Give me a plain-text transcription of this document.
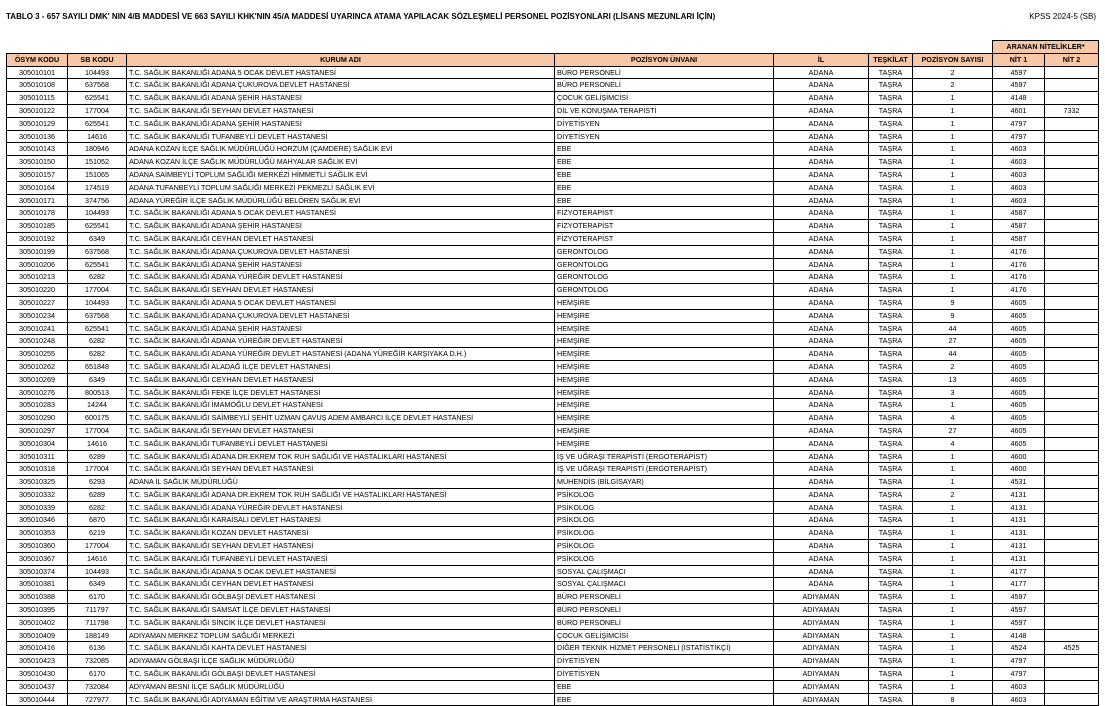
TABLO 3 - 657 SAYILI DMK' NIN 4/B MADDESİ VE 663 SAYILI KHK'NIN 45/A MADDESİ UYARINCA ATAMA YAPILACAK SÖZLEŞMELİ PERSONEL POZİSYONLARI (LİSANS MEZUNLARI İÇİN)	KPSS 2024-5 (SB)
							ARANAN NİTELİKLER*	
ÖSYM KODU	SB KODU	KURUM ADI	POZİSYON ÜNVANI	İL	TEŞKİLAT	POZİSYON SAYISI	NİT 1	NİT 2
305010101	104493	T.C. SAĞLIK BAKANLIĞI ADANA 5 OCAK DEVLET HASTANESİ	BÜRO PERSONELİ	ADANA	TAŞRA	2	4597	
305010108	637568	T.C. SAĞLIK BAKANLIĞI ADANA ÇUKUROVA DEVLET HASTANESİ	BÜRO PERSONELİ	ADANA	TAŞRA	2	4597	
305010115	625541	T.C. SAĞLIK BAKANLIĞI ADANA ŞEHİR HASTANESİ	ÇOCUK GELİŞİMCİSİ	ADANA	TAŞRA	1	4148	
305010122	177004	T.C. SAĞLIK BAKANLIĞI SEYHAN DEVLET HASTANESİ	DİL VE KONUŞMA TERAPİSTİ	ADANA	TAŞRA	1	4601	7332
305010129	625541	T.C. SAĞLIK BAKANLIĞI ADANA ŞEHİR HASTANESİ	DİYETİSYEN	ADANA	TAŞRA	1	4797	
305010136	14616	T.C. SAĞLIK BAKANLIĞI TUFANBEYLİ DEVLET HASTANESİ	DİYETİSYEN	ADANA	TAŞRA	1	4797	
305010143	180946	ADANA KOZAN İLÇE SAĞLIK MÜDÜRLÜĞÜ HORZUM (ÇAMDERE) SAĞLIK EVİ	EBE	ADANA	TAŞRA	1	4603	
305010150	151052	ADANA KOZAN İLÇE SAĞLIK MÜDÜRLÜĞÜ MAHYALAR SAĞLIK EVİ	EBE	ADANA	TAŞRA	1	4603	
305010157	151065	ADANA SAİMBEYLİ TOPLUM SAĞLIĞI MERKEZİ HİMMETLİ SAĞLIK EVİ	EBE	ADANA	TAŞRA	1	4603	
305010164	174519	ADANA TUFANBEYLİ TOPLUM SAĞLIĞI MERKEZİ PEKMEZLİ SAĞLIK EVİ	EBE	ADANA	TAŞRA	1	4603	
305010171	374756	ADANA YÜREĞİR İLÇE SAĞLIK MÜDÜRLÜĞÜ BELÖREN SAĞLIK EVİ	EBE	ADANA	TAŞRA	1	4603	
305010178	104493	T.C. SAĞLIK BAKANLIĞI ADANA 5 OCAK DEVLET HASTANESİ	FİZYOTERAPİST	ADANA	TAŞRA	1	4587	
305010185	625541	T.C. SAĞLIK BAKANLIĞI ADANA ŞEHİR HASTANESİ	FİZYOTERAPİST	ADANA	TAŞRA	1	4587	
305010192	6349	T.C. SAĞLIK BAKANLIĞI CEYHAN DEVLET HASTANESİ	FİZYOTERAPİST	ADANA	TAŞRA	1	4587	
305010199	637568	T.C. SAĞLIK BAKANLIĞI ADANA ÇUKUROVA DEVLET HASTANESİ	GERONTOLOG	ADANA	TAŞRA	1	4176	
305010206	625541	T.C. SAĞLIK BAKANLIĞI ADANA ŞEHİR HASTANESİ	GERONTOLOG	ADANA	TAŞRA	1	4176	
305010213	6282	T.C. SAĞLIK BAKANLIĞI ADANA YÜREĞİR DEVLET HASTANESİ	GERONTOLOG	ADANA	TAŞRA	1	4176	
305010220	177004	T.C. SAĞLIK BAKANLIĞI SEYHAN DEVLET HASTANESİ	GERONTOLOG	ADANA	TAŞRA	1	4176	
305010227	104493	T.C. SAĞLIK BAKANLIĞI ADANA 5 OCAK DEVLET HASTANESİ	HEMŞİRE	ADANA	TAŞRA	9	4605	
305010234	637568	T.C. SAĞLIK BAKANLIĞI ADANA ÇUKUROVA DEVLET HASTANESİ	HEMŞİRE	ADANA	TAŞRA	9	4605	
305010241	625541	T.C. SAĞLIK BAKANLIĞI ADANA ŞEHİR HASTANESİ	HEMŞİRE	ADANA	TAŞRA	44	4605	
305010248	6282	T.C. SAĞLIK BAKANLIĞI ADANA YÜREĞİR DEVLET HASTANESİ	HEMŞİRE	ADANA	TAŞRA	27	4605	
305010255	6282	T.C. SAĞLIK BAKANLIĞI ADANA YÜREĞİR DEVLET HASTANESİ (ADANA YÜREĞİR KARŞIYAKA D.H.)	HEMŞİRE	ADANA	TAŞRA	44	4605	
305010262	651848	T.C. SAĞLIK BAKANLIĞI ALADAĞ İLÇE DEVLET HASTANESİ	HEMŞİRE	ADANA	TAŞRA	2	4605	
305010269	6349	T.C. SAĞLIK BAKANLIĞI CEYHAN DEVLET HASTANESİ	HEMŞİRE	ADANA	TAŞRA	13	4605	
305010276	800513	T.C. SAĞLIK BAKANLIĞI FEKE İLÇE DEVLET HASTANESİ	HEMŞİRE	ADANA	TAŞRA	3	4605	
305010283	14244	T.C. SAĞLIK BAKANLIĞI İMAMOĞLU DEVLET HASTANESİ	HEMŞİRE	ADANA	TAŞRA	1	4605	
305010290	600175	T.C. SAĞLIK BAKANLIĞI SAİMBEYLİ ŞEHİT UZMAN ÇAVUŞ ADEM AMBARCI İLÇE DEVLET HASTANESİ	HEMŞİRE	ADANA	TAŞRA	4	4605	
305010297	177004	T.C. SAĞLIK BAKANLIĞI SEYHAN DEVLET HASTANESİ	HEMŞİRE	ADANA	TAŞRA	27	4605	
305010304	14616	T.C. SAĞLIK BAKANLIĞI TUFANBEYLİ DEVLET HASTANESİ	HEMŞİRE	ADANA	TAŞRA	4	4605	
305010311	6289	T.C. SAĞLIK BAKANLIĞI ADANA DR.EKREM TOK RUH SAĞLIĞI VE HASTALIKLARI HASTANESİ	İŞ VE UĞRAŞI TERAPİSTİ (ERGOTERAPİST)	ADANA	TAŞRA	1	4600	
305010318	177004	T.C. SAĞLIK BAKANLIĞI SEYHAN DEVLET HASTANESİ	İŞ VE UĞRAŞI TERAPİSTİ (ERGOTERAPİST)	ADANA	TAŞRA	1	4600	
305010325	6293	ADANA İL SAĞLIK MÜDÜRLÜĞÜ	MÜHENDİS (BİLGİSAYAR)	ADANA	TAŞRA	1	4531	
305010332	6289	T.C. SAĞLIK BAKANLIĞI ADANA DR.EKREM TOK RUH SAĞLIĞI VE HASTALIKLARI HASTANESİ	PSİKOLOG	ADANA	TAŞRA	2	4131	
305010339	6282	T.C. SAĞLIK BAKANLIĞI ADANA YÜREĞİR DEVLET HASTANESİ	PSİKOLOG	ADANA	TAŞRA	1	4131	
305010346	6870	T.C. SAĞLIK BAKANLIĞI KARAİSALI DEVLET HASTANESİ	PSİKOLOG	ADANA	TAŞRA	1	4131	
305010353	6219	T.C. SAĞLIK BAKANLIĞI KOZAN DEVLET HASTANESİ	PSİKOLOG	ADANA	TAŞRA	1	4131	
305010360	177004	T.C. SAĞLIK BAKANLIĞI SEYHAN DEVLET HASTANESİ	PSİKOLOG	ADANA	TAŞRA	1	4131	
305010367	14616	T.C. SAĞLIK BAKANLIĞI TUFANBEYLİ DEVLET HASTANESİ	PSİKOLOG	ADANA	TAŞRA	1	4131	
305010374	104493	T.C. SAĞLIK BAKANLIĞI ADANA 5 OCAK DEVLET HASTANESİ	SOSYAL ÇALIŞMACI	ADANA	TAŞRA	1	4177	
305010381	6349	T.C. SAĞLIK BAKANLIĞI CEYHAN DEVLET HASTANESİ	SOSYAL ÇALIŞMACI	ADANA	TAŞRA	1	4177	
305010388	6170	T.C. SAĞLIK BAKANLIĞI GÖLBAŞI DEVLET HASTANESİ	BÜRO PERSONELİ	ADIYAMAN	TAŞRA	1	4597	
305010395	711797	T.C. SAĞLIK BAKANLIĞI SAMSAT İLÇE DEVLET HASTANESİ	BÜRO PERSONELİ	ADIYAMAN	TAŞRA	1	4597	
305010402	711798	T.C. SAĞLIK BAKANLIĞI SİNCİK İLÇE DEVLET HASTANESİ	BÜRO PERSONELİ	ADIYAMAN	TAŞRA	1	4597	
305010409	188149	ADIYAMAN MERKEZ TOPLUM SAĞLIĞI MERKEZİ	ÇOCUK GELİŞİMCİSİ	ADIYAMAN	TAŞRA	1	4148	
305010416	6136	T.C. SAĞLIK BAKANLIĞI KAHTA DEVLET HASTANESİ	DİĞER TEKNİK HİZMET PERSONELİ (İSTATİSTİKÇİ)	ADIYAMAN	TAŞRA	1	4524	4525
305010423	732085	ADIYAMAN GÖLBAŞI İLÇE SAĞLIK MÜDÜRLÜĞÜ	DİYETİSYEN	ADIYAMAN	TAŞRA	1	4797	
305010430	6170	T.C. SAĞLIK BAKANLIĞI GÖLBAŞI DEVLET HASTANESİ	DİYETİSYEN	ADIYAMAN	TAŞRA	1	4797	
305010437	732084	ADIYAMAN BESNİ İLÇE SAĞLIK MÜDÜRLÜĞÜ	EBE	ADIYAMAN	TAŞRA	1	4603	
305010444	727977	T.C. SAĞLIK BAKANLIĞI ADIYAMAN EĞİTİM VE ARAŞTIRMA HASTANESİ	EBE	ADIYAMAN	TAŞRA	8	4603	
